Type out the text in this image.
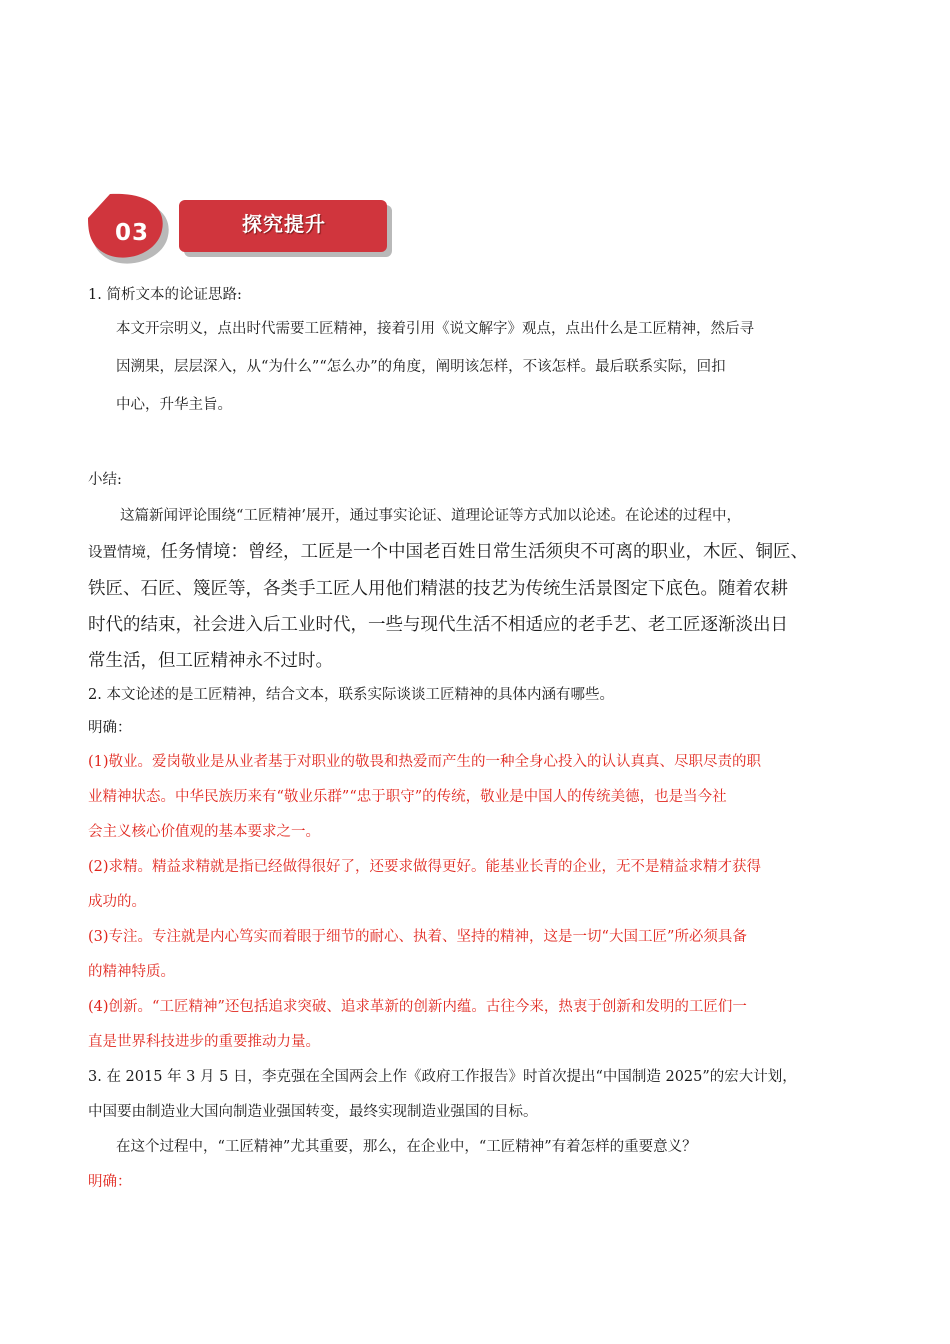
03	探究提升

1. 简析文本的论证思路:

本文开宗明义，点出时代需要工匠精神，接着引用《说文解字》观点，点出什么是工匠精神，然后寻

因溯果，层层深入，从“为什么”“怎么办”的角度，阐明该怎样，不该怎样。最后联系实际，回扣

中心，升华主旨。

小结:

这篇新闻评论围绕“工匠精神’展开，通过事实论证、道理论证等方式加以论述。在论述的过程中，

设置情境，任务情境：曾经，工匠是一个中国老百姓日常生活须臾不可离的职业，木匠、铜匠、

铁匠、石匠、篾匠等，各类手工匠人用他们精湛的技艺为传统生活景图定下底色。随着农耕

时代的结束，社会进入后工业时代，一些与现代生活不相适应的老手艺、老工匠逐渐淡出日

常生活，但工匠精神永不过时。

2. 本文论述的是工匠精神，结合文本，联系实际谈谈工匠精神的具体内涵有哪些。

明确：

(1)敬业。爱岗敬业是从业者基于对职业的敬畏和热爱而产生的一种全身心投入的认认真真、尽职尽责的职

业精神状态。中华民族历来有“敬业乐群”“忠于职守”的传统，敬业是中国人的传统美德，也是当今社

会主义核心价值观的基本要求之一。

(2)求精。精益求精就是指已经做得很好了，还要求做得更好。能基业长青的企业，无不是精益求精才获得

成功的。

(3)专注。专注就是内心笃实而着眼于细节的耐心、执着、坚持的精神，这是一切“大国工匠”所必须具备

的精神特质。

(4)创新。“工匠精神”还包括追求突破、追求革新的创新内蕴。古往今来，热衷于创新和发明的工匠们一

直是世界科技进步的重要推动力量。

3. 在 2015 年 3 月 5 日，李克强在全国两会上作《政府工作报告》时首次提出“中国制造 2025”的宏大计划，

中国要由制造业大国向制造业强国转变，最终实现制造业强国的目标。

在这个过程中，“工匠精神”尤其重要，那么，在企业中，“工匠精神”有着怎样的重要意义？

明确：
